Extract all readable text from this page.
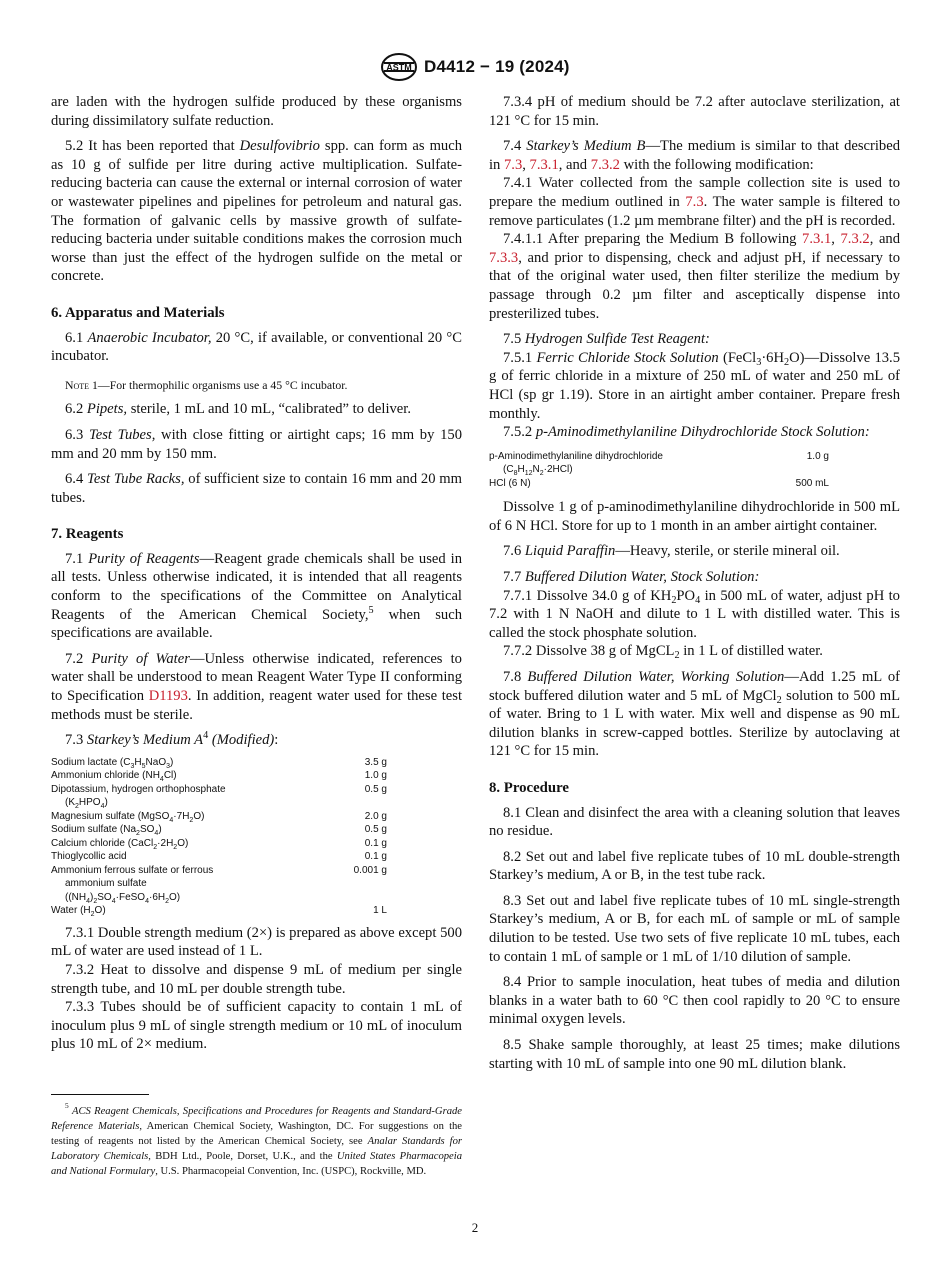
ASTM D4412 − 19 (2024)

are laden with the hydrogen sulfide produced by these organisms during dissimilatory sulfate reduction.

5.2 It has been reported that Desulfovibrio spp. can form as much as 10 g of sulfide per litre during active multiplication. Sulfate-reducing bacteria can cause the external or internal corrosion of water or wastewater pipelines and pipelines for petroleum and natural gas. The formation of galvanic cells by massive growth of sulfate-reducing bacteria under suitable conditions makes the corrosion much worse than just the effect of the hydrogen sulfide on the metal or concrete.

6. Apparatus and Materials

6.1 Anaerobic Incubator, 20 °C, if available, or conventional 20 °C incubator.

Note 1—For thermophilic organisms use a 45 °C incubator.

6.2 Pipets, sterile, 1 mL and 10 mL, “calibrated” to deliver.

6.3 Test Tubes, with close fitting or airtight caps; 16 mm by 150 mm and 20 mm by 150 mm.

6.4 Test Tube Racks, of sufficient size to contain 16 mm and 20 mm tubes.

7. Reagents

7.1 Purity of Reagents—Reagent grade chemicals shall be used in all tests. Unless otherwise indicated, it is intended that all reagents conform to the specifications of the Committee on Analytical Reagents of the American Chemical Society,$^5$ when such specifications are available.

7.2 Purity of Water—Unless otherwise indicated, references to water shall be understood to mean Reagent Water Type II conforming to Specification D1193. In addition, reagent water used for these test methods must be sterile.

7.3 Starkey’s Medium $A^4$ (Modified):

Sodium lactate $(C_3H_5NaO_3)$	3.5 g
Ammonium chloride $(NH_4Cl)$	1.0 g
Dipotassium, hydrogen orthophosphate	0.5 g
$(K_2HPO_4)$	
Magnesium sulfate $(MgSO_4\cdot 7H_2O)$	2.0 g
Sodium sulfate $(Na_2SO_4)$	0.5 g
Calcium chloride $(CaCl_2\cdot 2H_2O)$	0.1 g
Thioglycollic acid	0.1 g
Ammonium ferrous sulfate or ferrous	0.001 g
ammonium sulfate	
$((NH_4)_2SO_4\cdot FeSO_4\cdot 6H_2O)$	
Water $(H_2O)$	1 L

7.3.1 Double strength medium (2×) is prepared as above except 500 mL of water are used instead of 1 L.

7.3.2 Heat to dissolve and dispense 9 mL of medium per single strength tube, and 10 mL per double strength tube.

7.3.3 Tubes should be of sufficient capacity to contain 1 mL of inoculum plus 9 mL of single strength medium or 10 mL of inoculum plus 10 mL of 2× medium.

$^5$ ACS Reagent Chemicals, Specifications and Procedures for Reagents and Standard-Grade Reference Materials, American Chemical Society, Washington, DC. For suggestions on the testing of reagents not listed by the American Chemical Society, see Analar Standards for Laboratory Chemicals, BDH Ltd., Poole, Dorset, U.K., and the United States Pharmacopeia and National Formulary, U.S. Pharmacopeial Convention, Inc. (USPC), Rockville, MD.

7.3.4 pH of medium should be 7.2 after autoclave sterilization, at 121 °C for 15 min.

7.4 Starkey’s Medium B—The medium is similar to that described in 7.3, 7.3.1, and 7.3.2 with the following modification:

7.4.1 Water collected from the sample collection site is used to prepare the medium outlined in 7.3. The water sample is filtered to remove particulates (1.2 µm membrane filter) and the pH is recorded.

7.4.1.1 After preparing the Medium B following 7.3.1, 7.3.2, and 7.3.3, and prior to dispensing, check and adjust pH, if necessary to that of the original water used, then filter sterilize the medium by passage through 0.2 µm filter and asceptically dispense into presterilized tubes.

7.5 Hydrogen Sulfide Test Reagent:

7.5.1 Ferric Chloride Stock Solution $(FeCl_3\cdot 6H_2O)—Dissolve$ 13.5 g of ferric chloride in a mixture of 250 mL of water and 250 mL of HCl (sp gr 1.19). Store in an airtight amber container. Prepare fresh monthly.

7.5.2 p-Aminodimethylaniline Dihydrochloride Stock Solution:

p-Aminodimethylaniline dihydrochloride	1.0 g	
$(C_8H_{12}N_2\cdot 2HCl)$		
HCl (6 N)	500 mL	

Dissolve 1 g of p-aminodimethylaniline dihydrochloride in 500 mL of 6 N HCl. Store for up to 1 month in an amber airtight container.

7.6 Liquid Paraffin—Heavy, sterile, or sterile mineral oil.

7.7 Buffered Dilution Water, Stock Solution:

7.7.1 Dissolve 34.0 g of $KH_2PO_4$ in 500 mL of water, adjust pH to 7.2 with 1 N NaOH and dilute to 1 L with distilled water. This is called the stock phosphate solution.

7.7.2 Dissolve 38 g of MgCL$_2$ in 1 L of distilled water.

7.8 Buffered Dilution Water, Working Solution—Add 1.25 mL of stock buffered dilution water and 5 mL of MgCl$_2$ solution to 500 mL of water. Bring to 1 L with water. Mix well and dispense as 90 mL dilution blanks in screw-capped bottles. Sterilize by autoclaving at 121 °C for 15 min.

8. Procedure

8.1 Clean and disinfect the area with a cleaning solution that leaves no residue.

8.2 Set out and label five replicate tubes of 10 mL double-strength Starkey’s medium, A or B, in the test tube rack.

8.3 Set out and label five replicate tubes of 10 mL single-strength Starkey’s medium, A or B, for each mL of sample or mL of sample dilution to be tested. Use two sets of five replicate 10 mL tubes, each to contain 1 mL of sample or 1 mL of 1/10 dilution of sample.

8.4 Prior to sample inoculation, heat tubes of media and dilution blanks in a water bath to 60 °C then cool rapidly to 20 °C to ensure minimal oxygen levels.

8.5 Shake sample thoroughly, at least 25 times; make dilutions starting with 10 mL of sample into one 90 mL dilution blank.

2
